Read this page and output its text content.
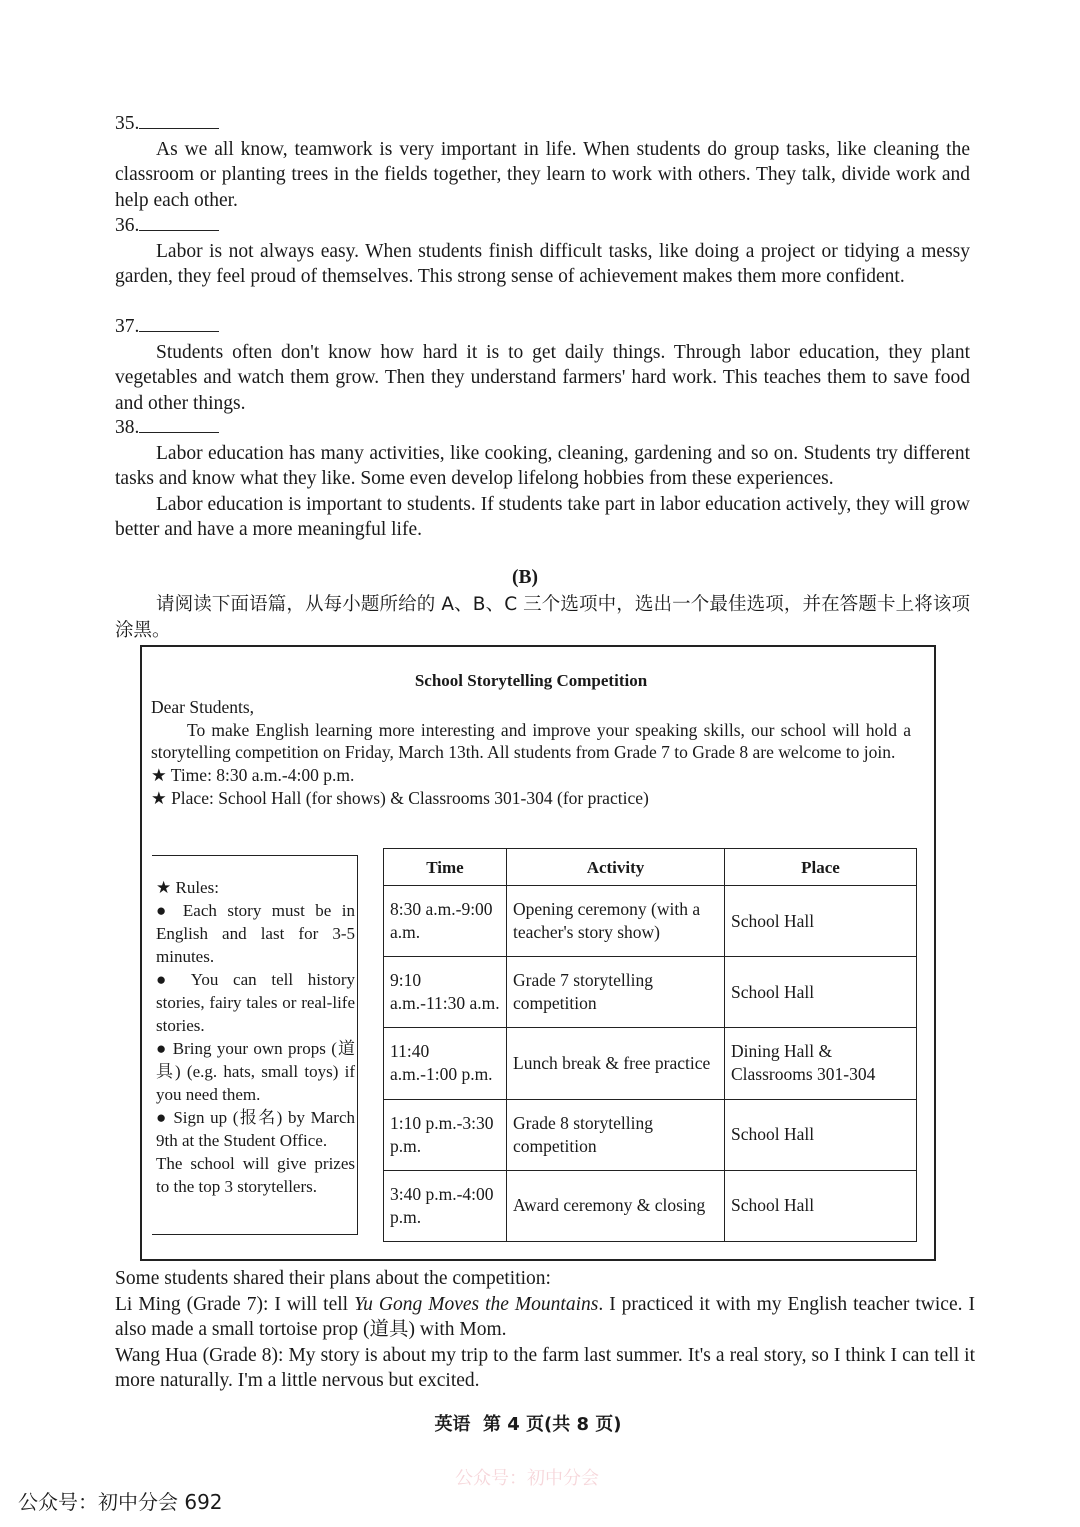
35.
As we all know, teamwork is very important in life. When students do group tasks, like cleaning the classroom or planting trees in the fields together, they learn to work with others. They talk, divide work and help each other.
36.
Labor is not always easy. When students finish difficult tasks, like doing a project or tidying a messy garden, they feel proud of themselves. This strong sense of achievement makes them more confident.
37.
Students often don't know how hard it is to get daily things. Through labor education, they plant vegetables and watch them grow. Then they understand farmers' hard work. This teaches them to save food and other things.
38.
Labor education has many activities, like cooking, cleaning, gardening and so on. Students try different tasks and know what they like. Some even develop lifelong hobbies from these experiences.
Labor education is important to students. If students take part in labor education actively, they will grow better and have a more meaningful life.
(B)
请阅读下面语篇，从每小题所给的 A、B、C 三个选项中，选出一个最佳选项，并在答题卡上将该项涂黑。
School Storytelling Competition
Dear Students,
To make English learning more interesting and improve your speaking skills, our school will hold a storytelling competition on Friday, March 13th. All students from Grade 7 to Grade 8 are welcome to join.
★ Time: 8:30 a.m.-4:00 p.m.
★ Place: School Hall (for shows) & Classrooms 301-304 (for practice)
★ Rules:
● Each story must be in English and last for 3-5 minutes.
● You can tell history stories, fairy tales or real-life stories.
● Bring your own props (道具) (e.g. hats, small toys) if you need them.
● Sign up (报名) by March 9th at the Student Office.
The school will give prizes to the top 3 storytellers.
Time	Activity	Place
8:30 a.m.-9:00 a.m.	Opening ceremony (with a teacher's story show)	School Hall
9:10 a.m.-11:30 a.m.	Grade 7 storytelling competition	School Hall
11:40 a.m.-1:00 p.m.	Lunch break & free practice	Dining Hall & Classrooms 301-304
1:10 p.m.-3:30 p.m.	Grade 8 storytelling competition	School Hall
3:40 p.m.-4:00 p.m.	Award ceremony & closing	School Hall
Some students shared their plans about the competition:
Li Ming (Grade 7): I will tell Yu Gong Moves the Mountains. I practiced it with my English teacher twice. I also made a small tortoise prop (道具) with Mom.
Wang Hua (Grade 8): My story is about my trip to the farm last summer. It's a real story, so I think I can tell it more naturally. I'm a little nervous but excited.
英语  第 4 页(共 8 页)
公众号：初中分会
公众号：初中分会 692
